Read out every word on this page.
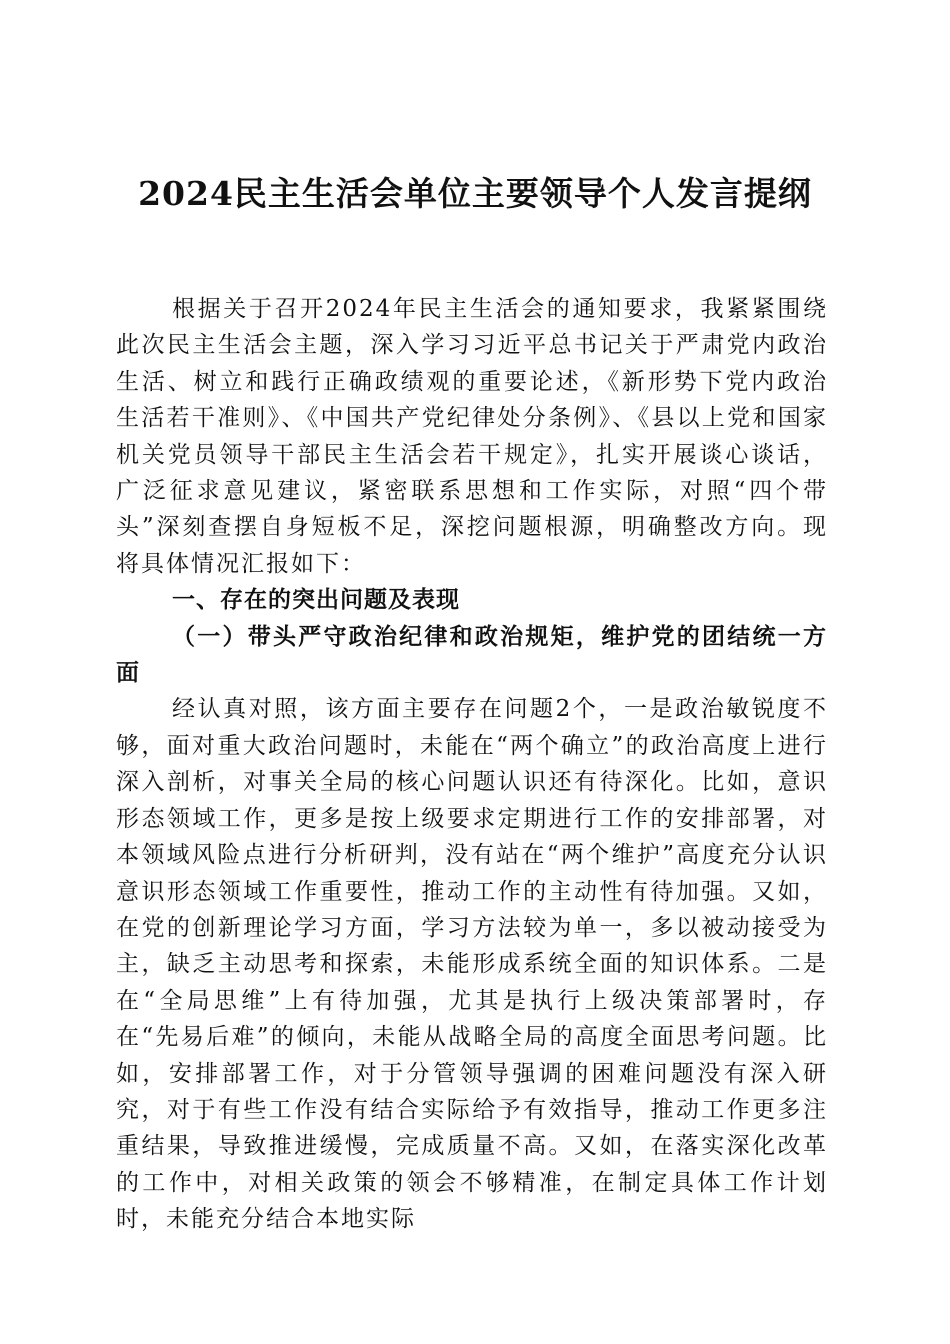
2024民主生活会单位主要领导个人发言提纲

根据关于召开2024年民主生活会的通知要求，我紧紧围绕此次民主生活会主题，深入学习习近平总书记关于严肃党内政治生活、树立和践行正确政绩观的重要论述，《新形势下党内政治生活若干准则》、《中国共产党纪律处分条例》、《县以上党和国家机关党员领导干部民主生活会若干规定》，扎实开展谈心谈话，广泛征求意见建议，紧密联系思想和工作实际，对照“四个带头”深刻查摆自身短板不足，深挖问题根源，明确整改方向。现将具体情况汇报如下：

一、存在的突出问题及表现

（一）带头严守政治纪律和政治规矩，维护党的团结统一方面

经认真对照，该方面主要存在问题2个，一是政治敏锐度不够，面对重大政治问题时，未能在“两个确立”的政治高度上进行深入剖析，对事关全局的核心问题认识还有待深化。比如，意识形态领域工作，更多是按上级要求定期进行工作的安排部署，对本领域风险点进行分析研判，没有站在“两个维护”高度充分认识意识形态领域工作重要性，推动工作的主动性有待加强。又如，在党的创新理论学习方面，学习方法较为单一，多以被动接受为主，缺乏主动思考和探索，未能形成系统全面的知识体系。二是在“全局思维”上有待加强，尤其是执行上级决策部署时，存在“先易后难”的倾向，未能从战略全局的高度全面思考问题。比如，安排部署工作，对于分管领导强调的困难问题没有深入研究，对于有些工作没有结合实际给予有效指导，推动工作更多注重结果，导致推进缓慢，完成质量不高。又如，在落实深化改革的工作中，对相关政策的领会不够精准，在制定具体工作计划时，未能充分结合本地实际
